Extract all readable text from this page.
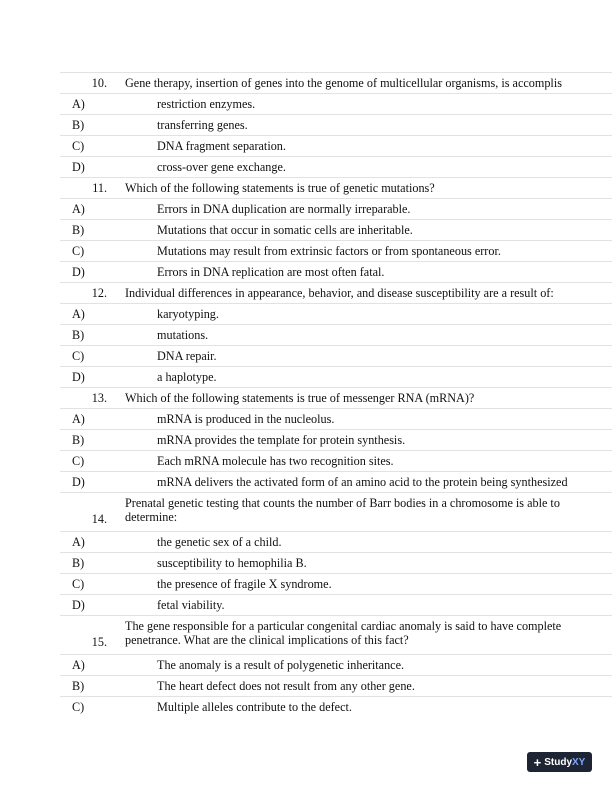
10. Gene therapy, insertion of genes into the genome of multicellular organisms, is accomplis
A)	restriction enzymes.
B)	transferring genes.
C)	DNA fragment separation.
D)	cross-over gene exchange.
11. Which of the following statements is true of genetic mutations?
A)	Errors in DNA duplication are normally irreparable.
B)	Mutations that occur in somatic cells are inheritable.
C)	Mutations may result from extrinsic factors or from spontaneous error.
D)	Errors in DNA replication are most often fatal.
12. Individual differences in appearance, behavior, and disease susceptibility are a result of:
A)	karyotyping.
B)	mutations.
C)	DNA repair.
D)	a haplotype.
13. Which of the following statements is true of messenger RNA (mRNA)?
A)	mRNA is produced in the nucleolus.
B)	mRNA provides the template for protein synthesis.
C)	Each mRNA molecule has two recognition sites.
D)	mRNA delivers the activated form of an amino acid to the protein being synthesized
14.
Prenatal genetic testing that counts the number of Barr bodies in a chromosome is able to determine:
A)	the genetic sex of a child.
B)	susceptibility to hemophilia B.
C)	the presence of fragile X syndrome.
D)	fetal viability.
15.
The gene responsible for a particular congenital cardiac anomaly is said to have complete penetrance. What are the clinical implications of this fact?
A)	The anomaly is a result of polygenetic inheritance.
B)	The heart defect does not result from any other gene.
C)	Multiple alleles contribute to the defect.
+ StudyXY
